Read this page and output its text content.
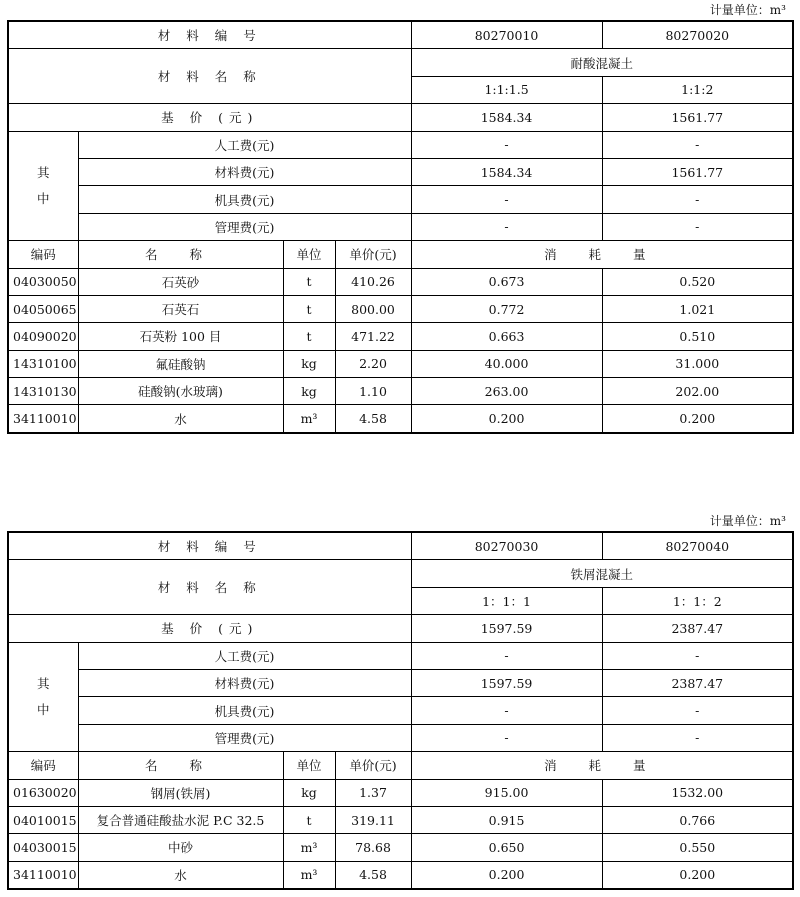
计量单位：m³
材 料 编 号				80270010	80270020
材 料 名 称				耐酸混凝土	
				1:1:1.5	1:1:2
基 价 (元)				1584.34	1561.77

其
中	人工费(元)			-	-
	材料费(元)			1584.34	1561.77
	机具费(元)			-	-
	管理费(元)			-	-
编码	名 称	单位	单价(元)	消 耗 量	
04030050	石英砂	t	410.26	0.673	0.520
04050065	石英石	t	800.00	0.772	1.021
04090020	石英粉 100 目	t	471.22	0.663	0.510
14310100	氟硅酸钠	kg	2.20	40.000	31.000
14310130	硅酸钠(水玻璃)	kg	1.10	263.00	202.00
34110010	水	m³	4.58	0.200	0.200
计量单位：m³
材 料 编 号				80270030	80270040
材 料 名 称				铁屑混凝土	
				1：1：1	1：1：2
基 价 (元)				1597.59	2387.47

其
中	人工费(元)			-	-
	材料费(元)			1597.59	2387.47
	机具费(元)			-	-
	管理费(元)			-	-
编码	名 称	单位	单价(元)	消 耗 量	
01630020	钢屑(铁屑)	kg	1.37	915.00	1532.00
04010015	复合普通硅酸盐水泥 P.C 32.5	t	319.11	0.915	0.766
04030015	中砂	m³	78.68	0.650	0.550
34110010	水	m³	4.58	0.200	0.200
